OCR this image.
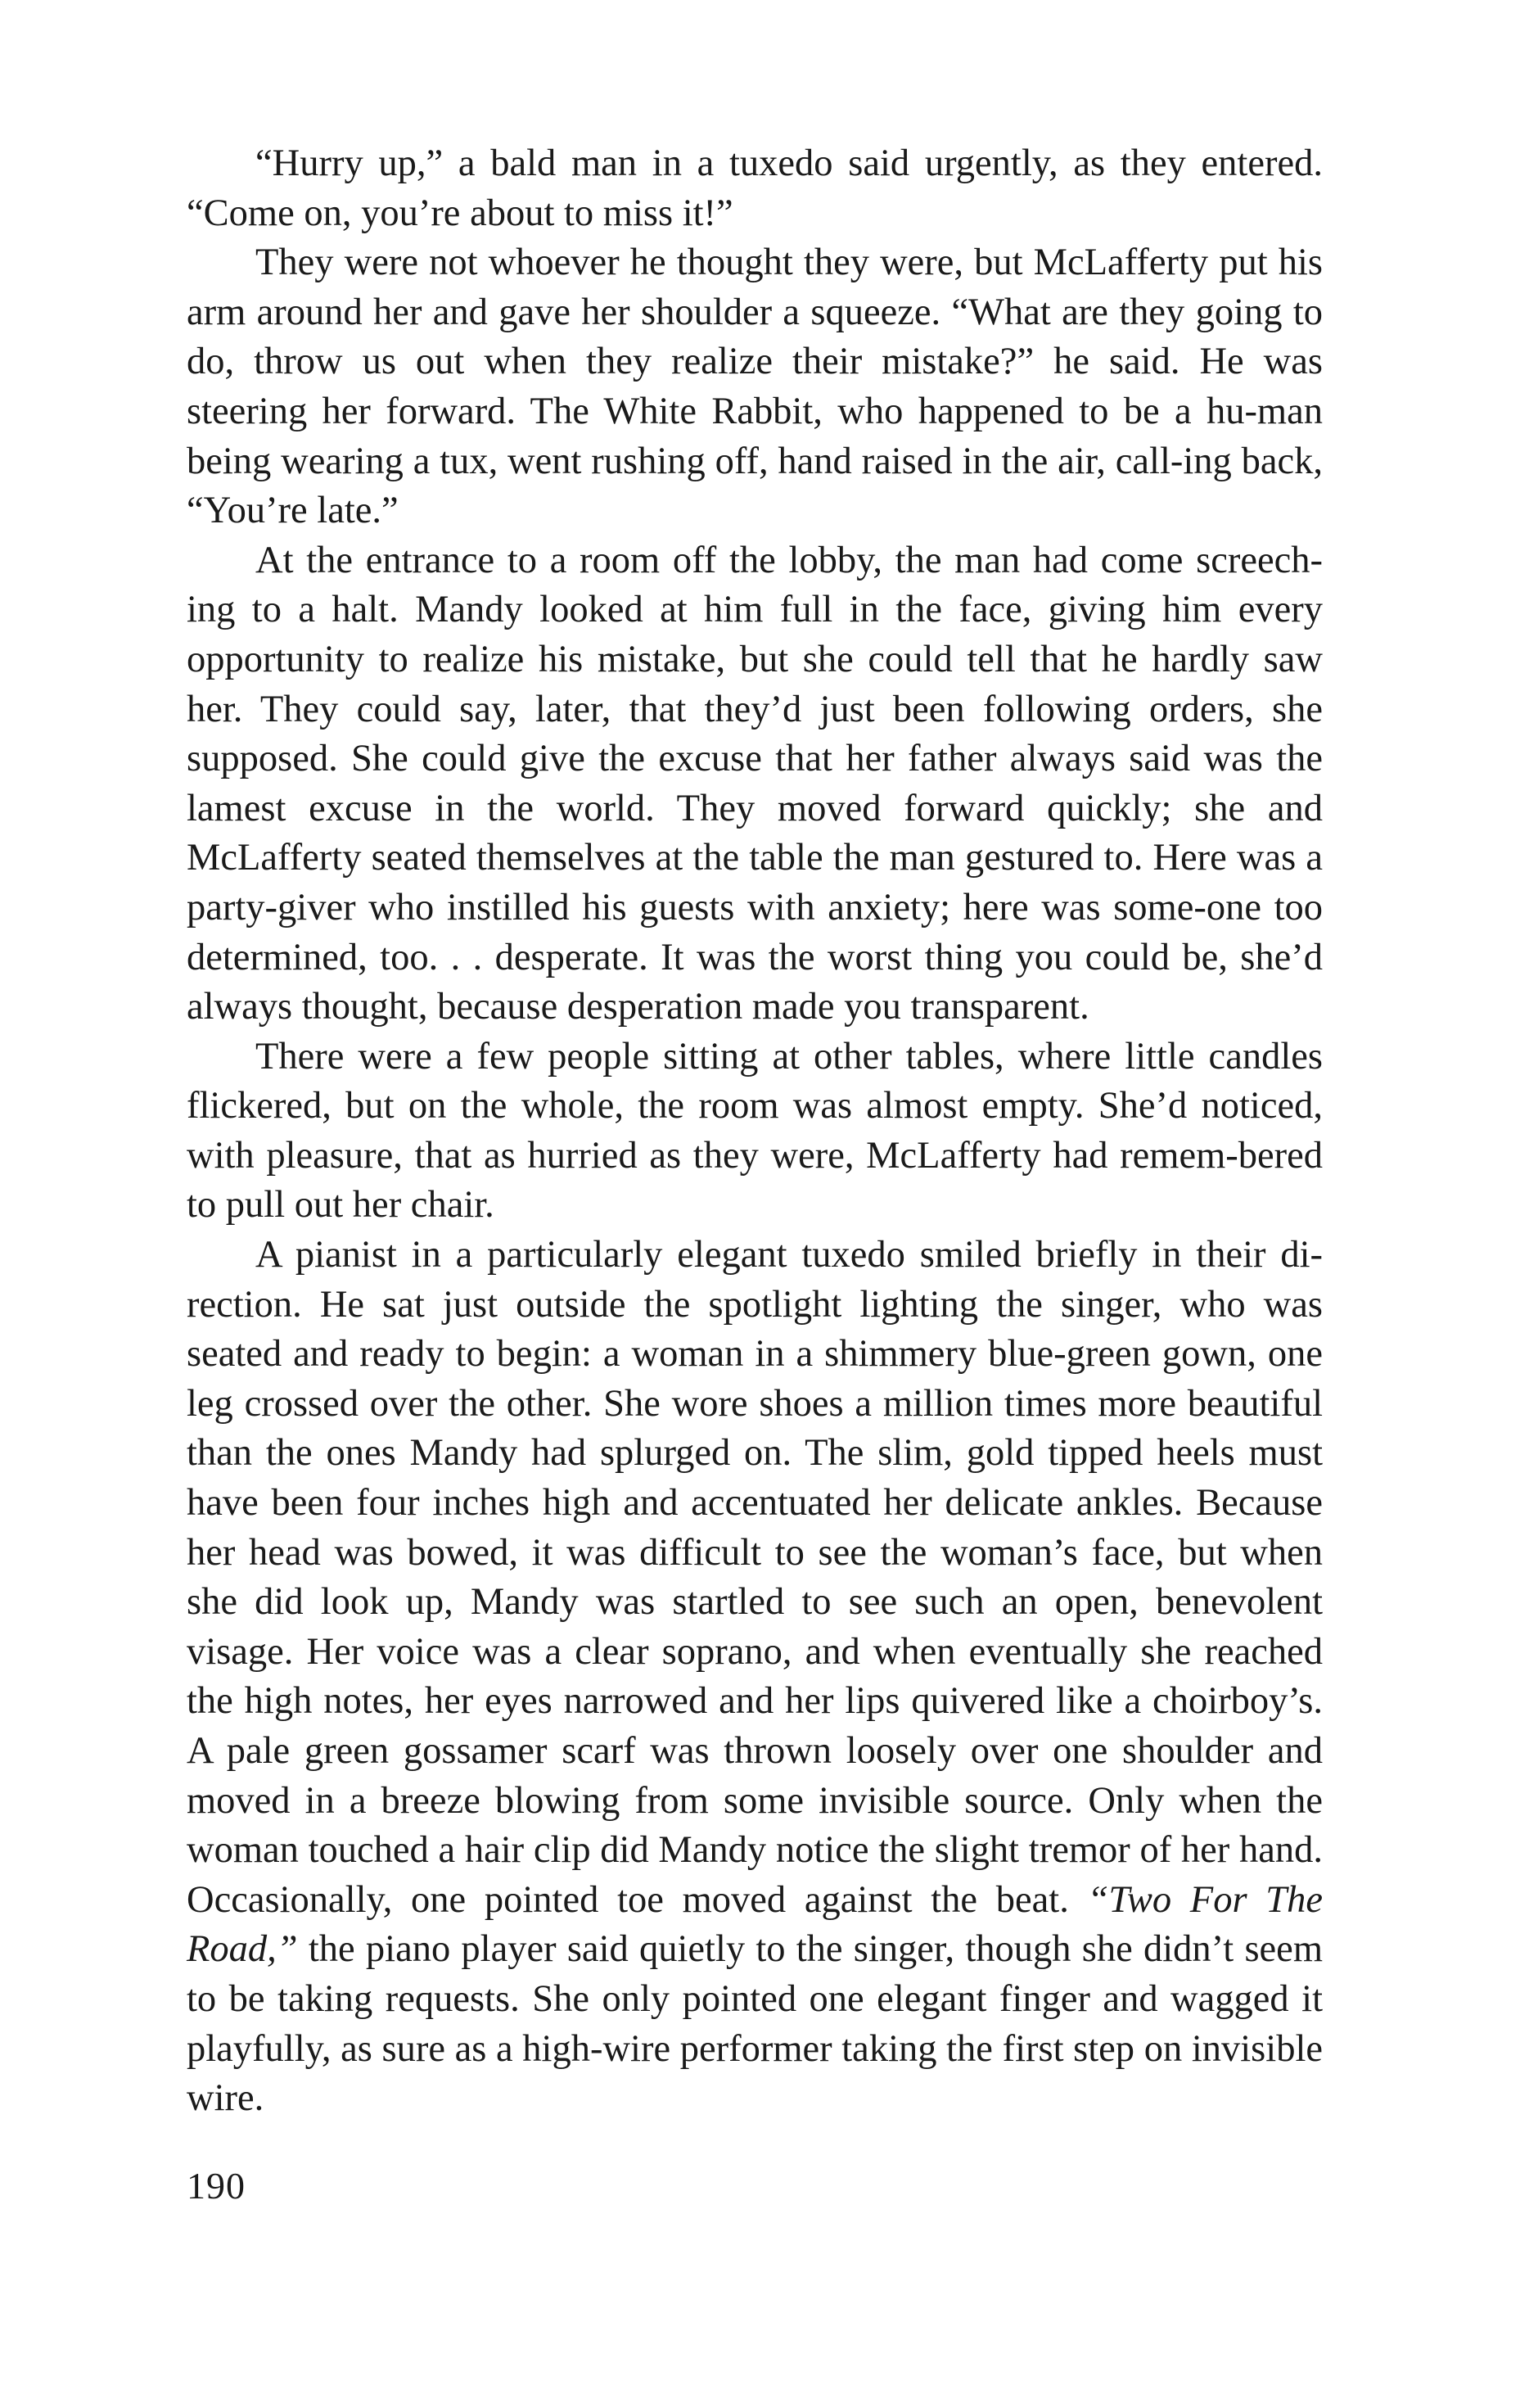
“Hurry up,” a bald man in a tuxedo said urgently, as they entered. “Come on, you’re about to miss it!”

They were not whoever he thought they were, but McLafferty put his arm around her and gave her shoulder a squeeze. “What are they going to do, throw us out when they realize their mistake?” he said. He was steering her forward. The White Rabbit, who happened to be a hu-man being wearing a tux, went rushing off, hand raised in the air, call-ing back, “You’re late.”

At the entrance to a room off the lobby, the man had come screech-ing to a halt. Mandy looked at him full in the face, giving him every opportunity to realize his mistake, but she could tell that he hardly saw her. They could say, later, that they’d just been following orders, she supposed. She could give the excuse that her father always said was the lamest excuse in the world. They moved forward quickly; she and McLafferty seated themselves at the table the man gestured to. Here was a party-giver who instilled his guests with anxiety; here was some-one too determined, too. . . desperate. It was the worst thing you could be, she’d always thought, because desperation made you transparent.

There were a few people sitting at other tables, where little candles flickered, but on the whole, the room was almost empty. She’d noticed, with pleasure, that as hurried as they were, McLafferty had remem-bered to pull out her chair.

A pianist in a particularly elegant tuxedo smiled briefly in their di-rection. He sat just outside the spotlight lighting the singer, who was seated and ready to begin: a woman in a shimmery blue-green gown, one leg crossed over the other. She wore shoes a million times more beautiful than the ones Mandy had splurged on. The slim, gold tipped heels must have been four inches high and accentuated her delicate ankles. Because her head was bowed, it was difficult to see the woman’s face, but when she did look up, Mandy was startled to see such an open, benevolent visage. Her voice was a clear soprano, and when eventually she reached the high notes, her eyes narrowed and her lips quivered like a choirboy’s. A pale green gossamer scarf was thrown loosely over one shoulder and moved in a breeze blowing from some invisible source. Only when the woman touched a hair clip did Mandy notice the slight tremor of her hand. Occasionally, one pointed toe moved against the beat. “Two For The Road,” the piano player said quietly to the singer, though she didn’t seem to be taking requests. She only pointed one elegant finger and wagged it playfully, as sure as a high-wire performer taking the first step on invisible wire.

190
